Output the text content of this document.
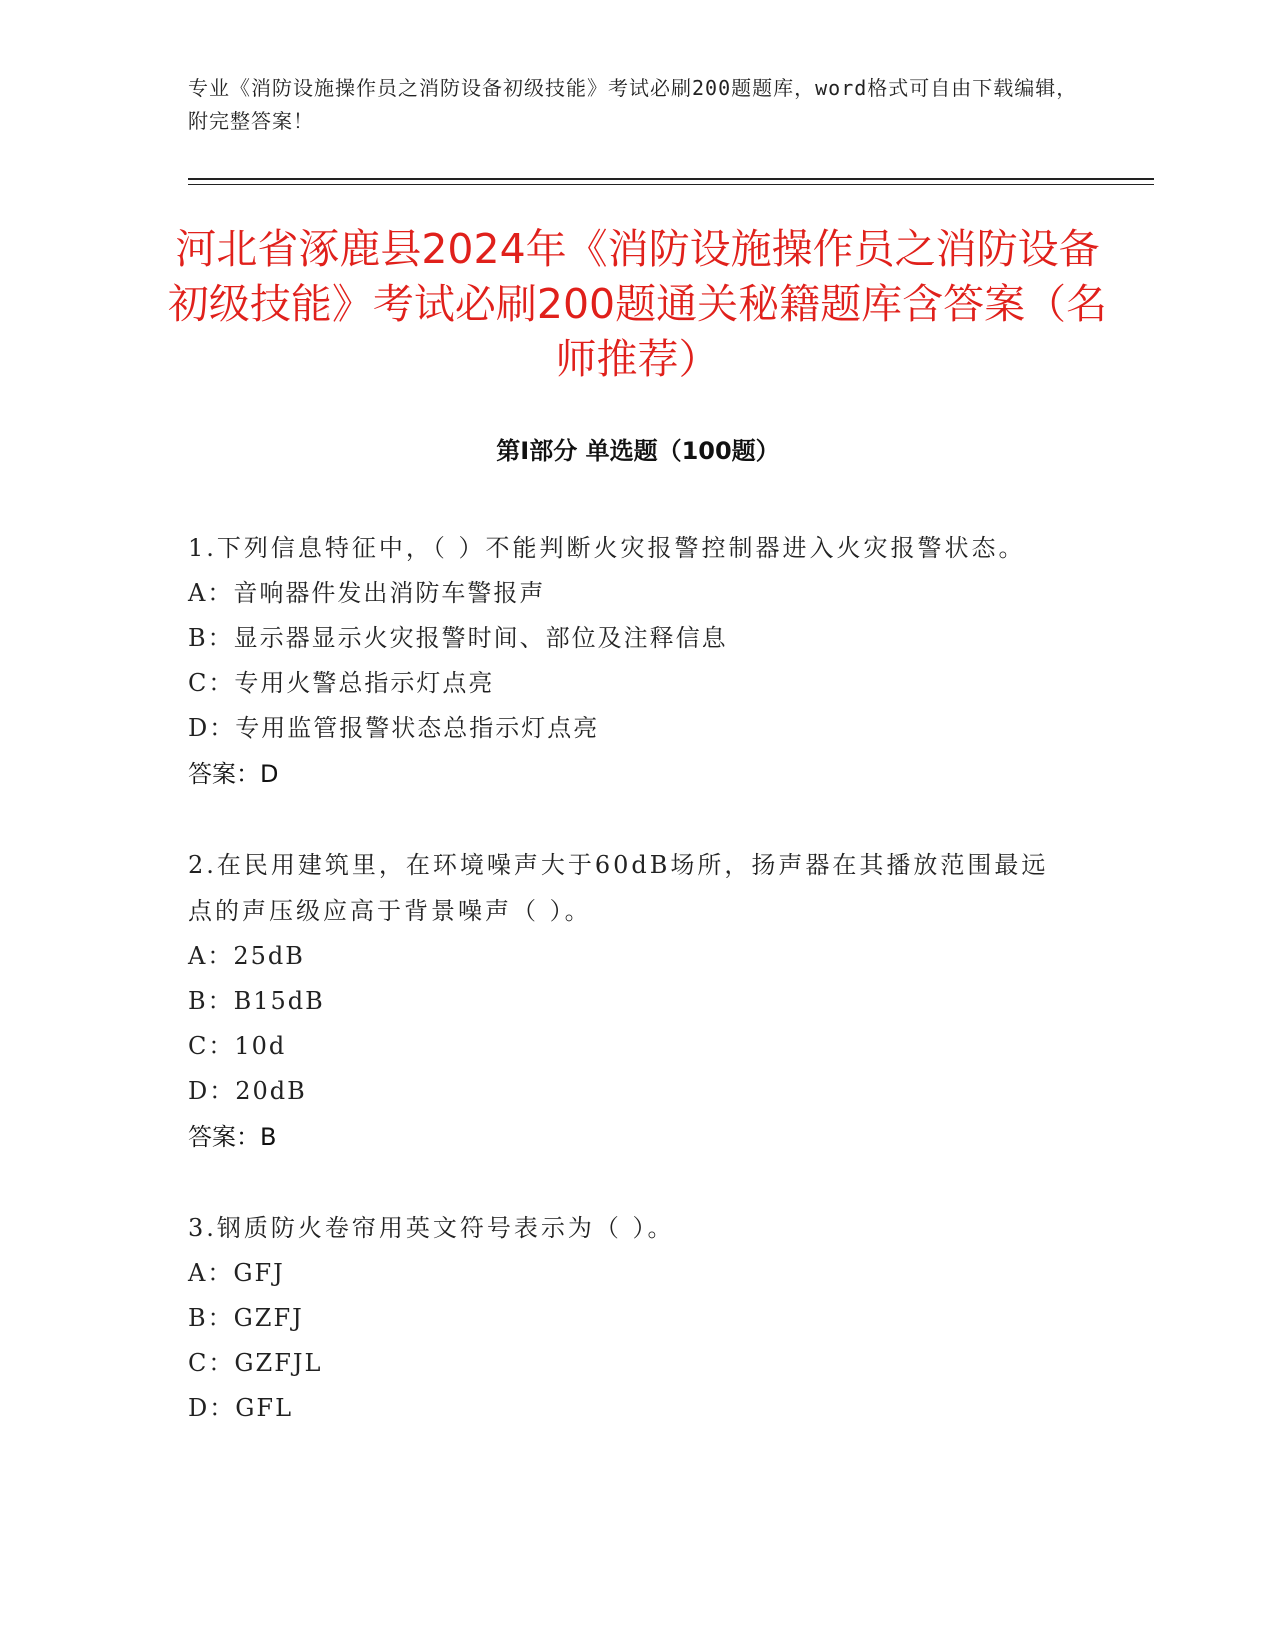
专业《消防设施操作员之消防设备初级技能》考试必刷200题题库，word格式可自由下载编辑，附完整答案！
河北省涿鹿县2024年《消防设施操作员之消防设备初级技能》考试必刷200题通关秘籍题库含答案（名师推荐）
第I部分 单选题（100题）

1.下列信息特征中，（ ）不能判断火灾报警控制器进入火灾报警状态。

A：音响器件发出消防车警报声

B：显示器显示火灾报警时间、部位及注释信息

C：专用火警总指示灯点亮

D：专用监管报警状态总指示灯点亮

答案：D

2.在民用建筑里，在环境噪声大于60dB场所，扬声器在其播放范围最远点的声压级应高于背景噪声（ ）。

A：25dB

B：B15dB

C：10d

D：20dB

答案：B

3.钢质防火卷帘用英文符号表示为（ ）。

A：GFJ

B：GZFJ

C：GZFJL

D：GFL
